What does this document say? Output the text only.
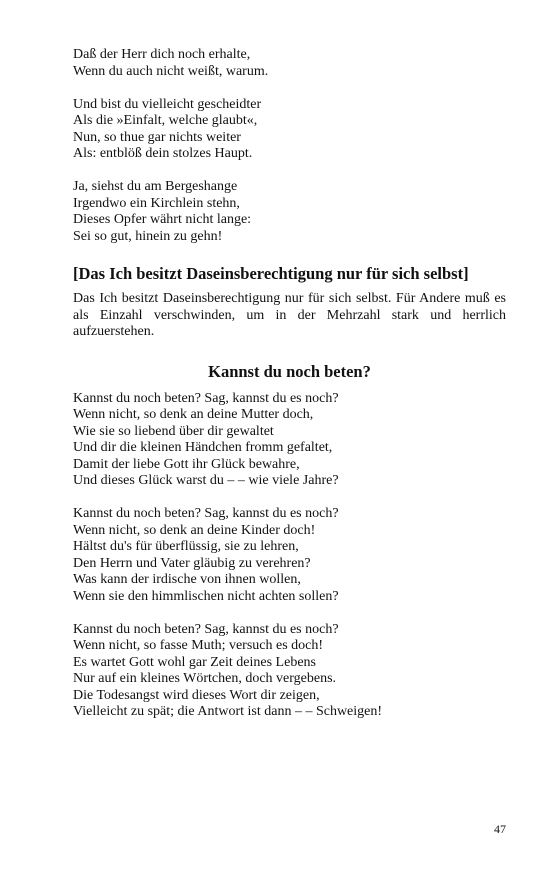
Daß der Herr dich noch erhalte,
Wenn du auch nicht weißt, warum.
Und bist du vielleicht gescheidter
Als die »Einfalt, welche glaubt«,
Nun, so thue gar nichts weiter
Als: entblöß dein stolzes Haupt.
Ja, siehst du am Bergeshange
Irgendwo ein Kirchlein stehn,
Dieses Opfer währt nicht lange:
Sei so gut, hinein zu gehn!
[Das Ich besitzt Daseinsberechtigung nur für sich selbst]

Das Ich besitzt Daseinsberechtigung nur für sich selbst. Für Andere muß es als Einzahl verschwinden, um in der Mehrzahl stark und herrlich aufzuerstehen.

Kannst du noch beten?
Kannst du noch beten? Sag, kannst du es noch?
Wenn nicht, so denk an deine Mutter doch,
Wie sie so liebend über dir gewaltet
Und dir die kleinen Händchen fromm gefaltet,
Damit der liebe Gott ihr Glück bewahre,
Und dieses Glück warst du – – wie viele Jahre?
Kannst du noch beten? Sag, kannst du es noch?
Wenn nicht, so denk an deine Kinder doch!
Hältst du's für überflüssig, sie zu lehren,
Den Herrn und Vater gläubig zu verehren?
Was kann der irdische von ihnen wollen,
Wenn sie den himmlischen nicht achten sollen?
Kannst du noch beten? Sag, kannst du es noch?
Wenn nicht, so fasse Muth; versuch es doch!
Es wartet Gott wohl gar Zeit deines Lebens
Nur auf ein kleines Wörtchen, doch vergebens.
Die Todesangst wird dieses Wort dir zeigen,
Vielleicht zu spät; die Antwort ist dann – – Schweigen!
47
